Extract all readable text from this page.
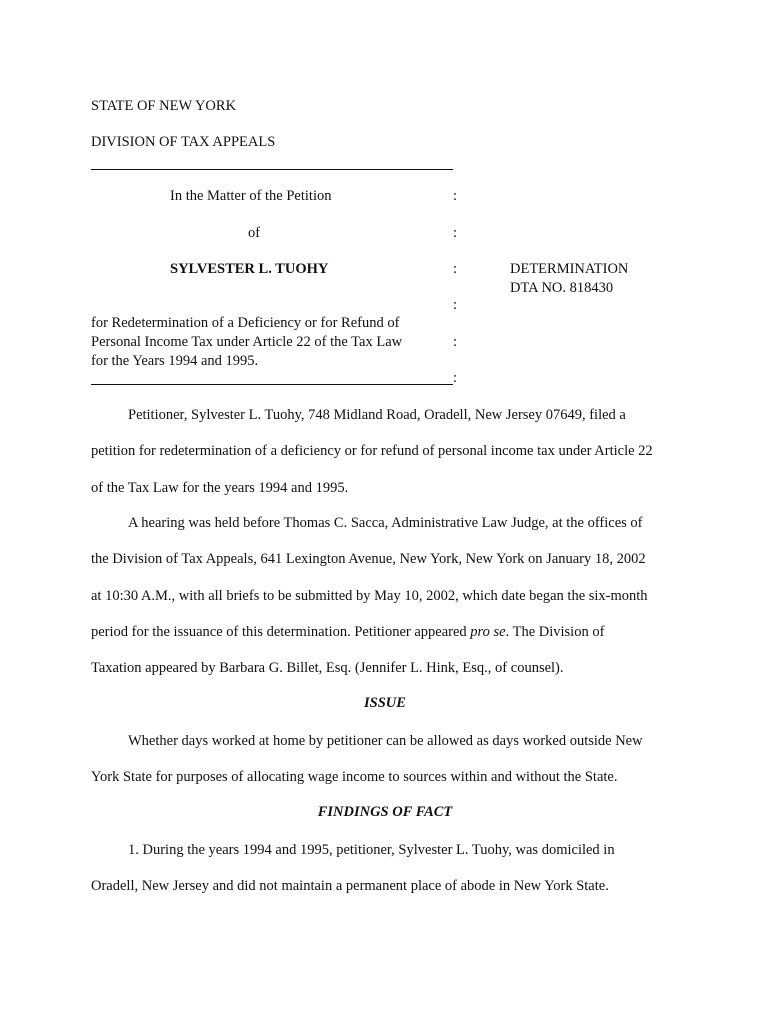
STATE OF NEW YORK
DIVISION OF TAX APPEALS
In the Matter of the Petition	:
of	:
SYLVESTER L. TUOHY	:	DETERMINATION
DTA NO. 818430
:
for Redetermination of a Deficiency or for Refund of
Personal Income Tax under Article 22 of the Tax Law	:
for the Years 1994 and 1995.
:
Petitioner, Sylvester L. Tuohy, 748 Midland Road, Oradell, New Jersey 07649, filed a
petition for redetermination of a deficiency or for refund of personal income tax under Article 22
of the Tax Law for the years 1994 and 1995.
A hearing was held before Thomas C. Sacca, Administrative Law Judge, at the offices of
the Division of Tax Appeals, 641 Lexington Avenue, New York, New York on January 18, 2002
at 10:30 A.M., with all briefs to be submitted by May 10, 2002, which date began the six-month
period for the issuance of this determination. Petitioner appeared pro se. The Division of
Taxation appeared by Barbara G. Billet, Esq. (Jennifer L. Hink, Esq., of counsel).
ISSUE
Whether days worked at home by petitioner can be allowed as days worked outside New
York State for purposes of allocating wage income to sources within and without the State.
FINDINGS OF FACT
1. During the years 1994 and 1995, petitioner, Sylvester L. Tuohy, was domiciled in
Oradell, New Jersey and did not maintain a permanent place of abode in New York State.
